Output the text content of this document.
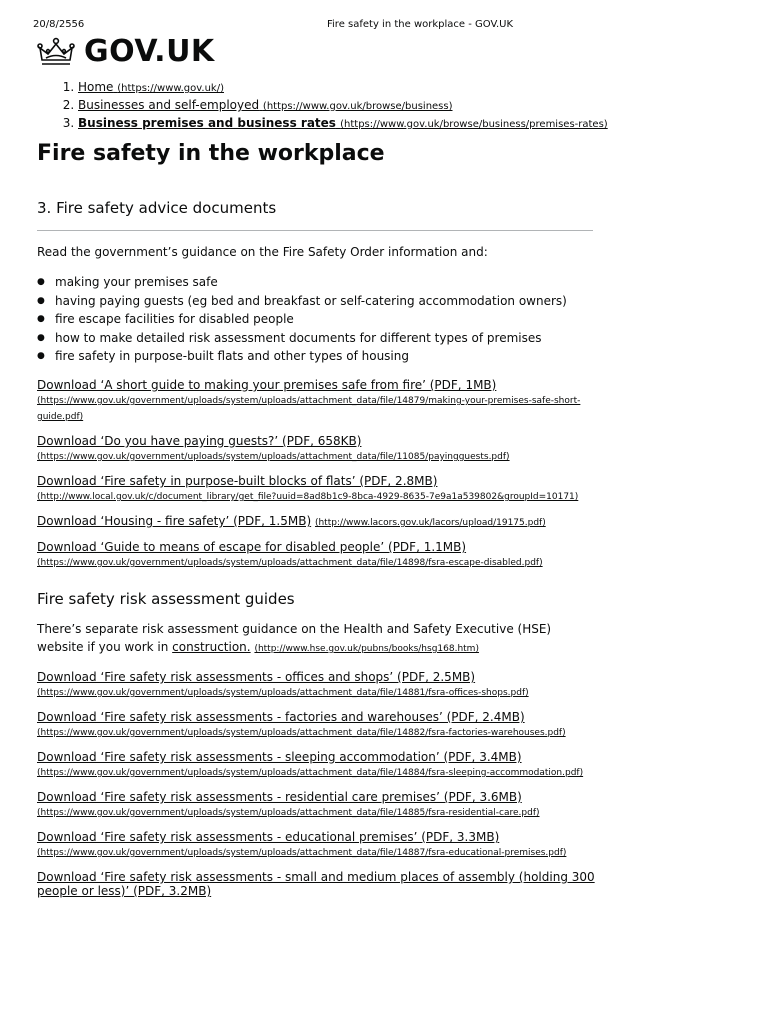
20/8/2556	Fire safety in the workplace - GOV.UK
GOV.UK
1. Home (https://www.gov.uk/)
2. Businesses and self-employed (https://www.gov.uk/browse/business)
3. Business premises and business rates (https://www.gov.uk/browse/business/premises-rates)
Fire safety in the workplace
3. Fire safety advice documents

Read the government’s guidance on the Fire Safety Order information and:

● making your premises safe
● having paying guests (eg bed and breakfast or self-catering accommodation owners)
● fire escape facilities for disabled people
● how to make detailed risk assessment documents for different types of premises
● fire safety in purpose-built flats and other types of housing
Download ‘A short guide to making your premises safe from fire’ (PDF, 1MB)
(https://www.gov.uk/government/uploads/system/uploads/attachment_data/file/14879/making-your-premises-safe-short-guide.pdf)
Download ‘Do you have paying guests?’ (PDF, 658KB)
(https://www.gov.uk/government/uploads/system/uploads/attachment_data/file/11085/payingguests.pdf)
Download ‘Fire safety in purpose-built blocks of flats’ (PDF, 2.8MB)
(http://www.local.gov.uk/c/document_library/get_file?uuid=8ad8b1c9-8bca-4929-8635-7e9a1a539802&groupId=10171)
Download ‘Housing - fire safety’ (PDF, 1.5MB) (http://www.lacors.gov.uk/lacors/upload/19175.pdf)
Download ‘Guide to means of escape for disabled people’ (PDF, 1.1MB)
(https://www.gov.uk/government/uploads/system/uploads/attachment_data/file/14898/fsra-escape-disabled.pdf)
Fire safety risk assessment guides

There’s separate risk assessment guidance on the Health and Safety Executive (HSE) website if you work in construction. (http://www.hse.gov.uk/pubns/books/hsg168.htm)

Download ‘Fire safety risk assessments - offices and shops’ (PDF, 2.5MB)
(https://www.gov.uk/government/uploads/system/uploads/attachment_data/file/14881/fsra-offices-shops.pdf)
Download ‘Fire safety risk assessments - factories and warehouses’ (PDF, 2.4MB)
(https://www.gov.uk/government/uploads/system/uploads/attachment_data/file/14882/fsra-factories-warehouses.pdf)
Download ‘Fire safety risk assessments - sleeping accommodation’ (PDF, 3.4MB)
(https://www.gov.uk/government/uploads/system/uploads/attachment_data/file/14884/fsra-sleeping-accommodation.pdf)
Download ‘Fire safety risk assessments - residential care premises’ (PDF, 3.6MB)
(https://www.gov.uk/government/uploads/system/uploads/attachment_data/file/14885/fsra-residential-care.pdf)
Download ‘Fire safety risk assessments - educational premises’ (PDF, 3.3MB)
(https://www.gov.uk/government/uploads/system/uploads/attachment_data/file/14887/fsra-educational-premises.pdf)
Download ‘Fire safety risk assessments - small and medium places of assembly (holding 300 people or less)’ (PDF, 3.2MB)
